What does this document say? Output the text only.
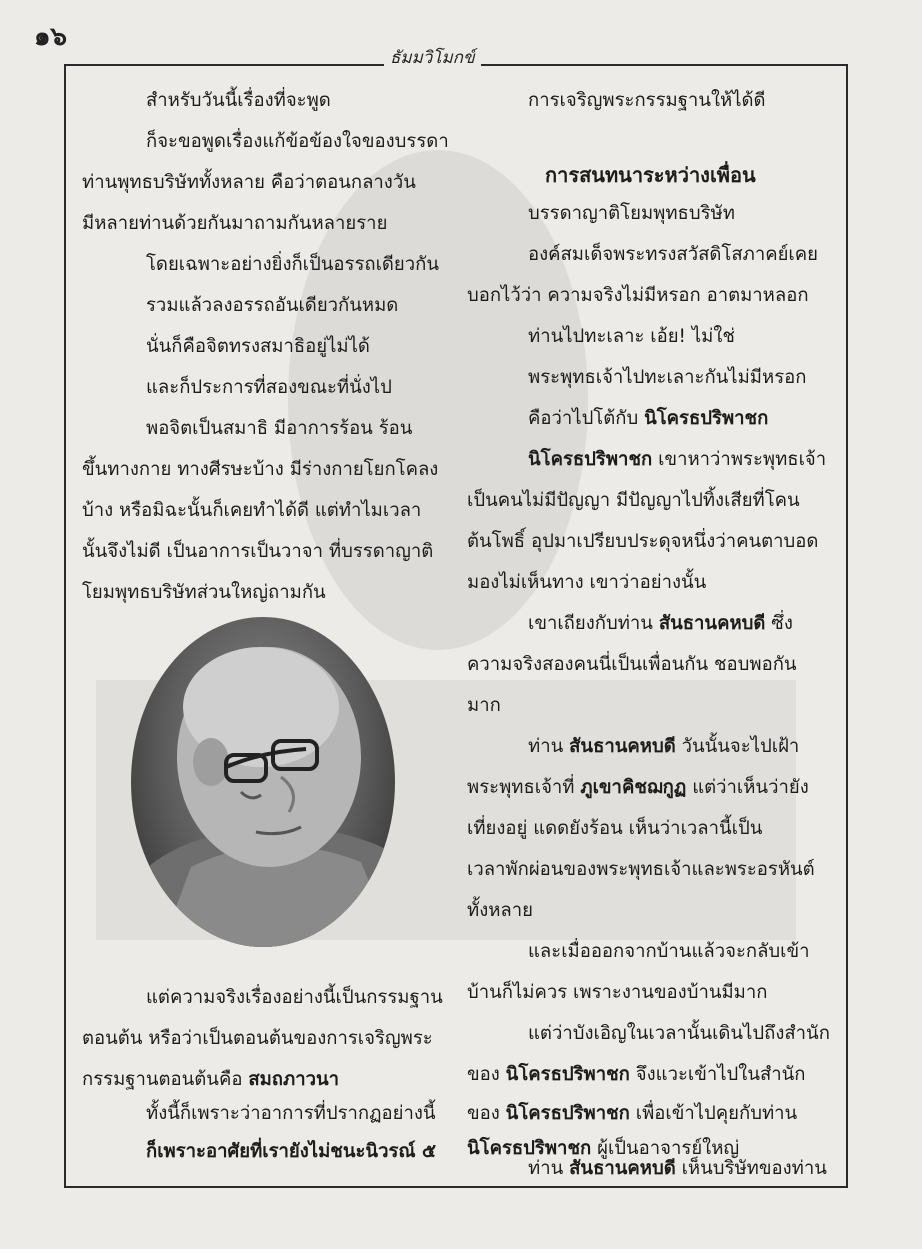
๑๖
ธัมมวิโมกข์
สำหรับวันนี้เรื่องที่จะพูด
ก็จะขอพูดเรื่องแก้ข้อข้องใจของบรรดา
ท่านพุทธบริษัททั้งหลาย คือว่าตอนกลางวัน
มีหลายท่านด้วยกันมาถามกันหลายราย
โดยเฉพาะอย่างยิ่งก็เป็นอรรถเดียวกัน
รวมแล้วลงอรรถอันเดียวกันหมด
นั่นก็คือจิตทรงสมาธิอยู่ไม่ได้
และก็ประการที่สองขณะที่นั่งไป
พอจิตเป็นสมาธิ มีอาการร้อน ร้อน
ขึ้นทางกาย ทางศีรษะบ้าง มีร่างกายโยกโคลง
บ้าง หรือมิฉะนั้นก็เคยทำได้ดี แต่ทำไมเวลา
นั้นจึงไม่ดี เป็นอาการเป็นวาจา ที่บรรดาญาติ
โยมพุทธบริษัทส่วนใหญ่ถามกัน
แต่ความจริงเรื่องอย่างนี้เป็นกรรมฐาน
ตอนต้น หรือว่าเป็นตอนต้นของการเจริญพระ
กรรมฐานตอนต้นคือ สมถภาวนา
ทั้งนี้ก็เพราะว่าอาการที่ปรากฏอย่างนี้
ก็เพราะอาศัยที่เรายังไม่ชนะนิวรณ์ ๕
การเจริญพระกรรมฐานให้ได้ดี
การสนทนาระหว่างเพื่อน
บรรดาญาติโยมพุทธบริษัท
องค์สมเด็จพระทรงสวัสดิโสภาคย์เคย
บอกไว้ว่า ความจริงไม่มีหรอก อาตมาหลอก
ท่านไปทะเลาะ เอ้ย! ไม่ใช่
พระพุทธเจ้าไปทะเลาะกันไม่มีหรอก
คือว่าไปโต้กับ นิโครธปริพาชก
นิโครธปริพาชก เขาหาว่าพระพุทธเจ้า
เป็นคนไม่มีปัญญา มีปัญญาไปทิ้งเสียที่โคน
ต้นโพธิ์ อุปมาเปรียบประดุจหนึ่งว่าคนตาบอด
มองไม่เห็นทาง เขาว่าอย่างนั้น
เขาเถียงกับท่าน สันธานคหบดี ซึ่ง
ความจริงสองคนนี่เป็นเพื่อนกัน ชอบพอกัน
มาก
ท่าน สันธานคหบดี วันนั้นจะไปเฝ้า
พระพุทธเจ้าที่ ภูเขาคิชฌกูฏ แต่ว่าเห็นว่ายัง
เที่ยงอยู่ แดดยังร้อน เห็นว่าเวลานี้เป็น
เวลาพักผ่อนของพระพุทธเจ้าและพระอรหันต์
ทั้งหลาย
และเมื่อออกจากบ้านแล้วจะกลับเข้า
บ้านก็ไม่ควร เพราะงานของบ้านมีมาก
แต่ว่าบังเอิญในเวลานั้นเดินไปถึงสำนัก
ของ นิโครธปริพาชก จึงแวะเข้าไปในสำนัก
ของ นิโครธปริพาชก เพื่อเข้าไปคุยกับท่าน
นิโครธปริพาชก ผู้เป็นอาจารย์ใหญ่
ท่าน สันธานคหบดี เห็นบริษัทของท่าน
